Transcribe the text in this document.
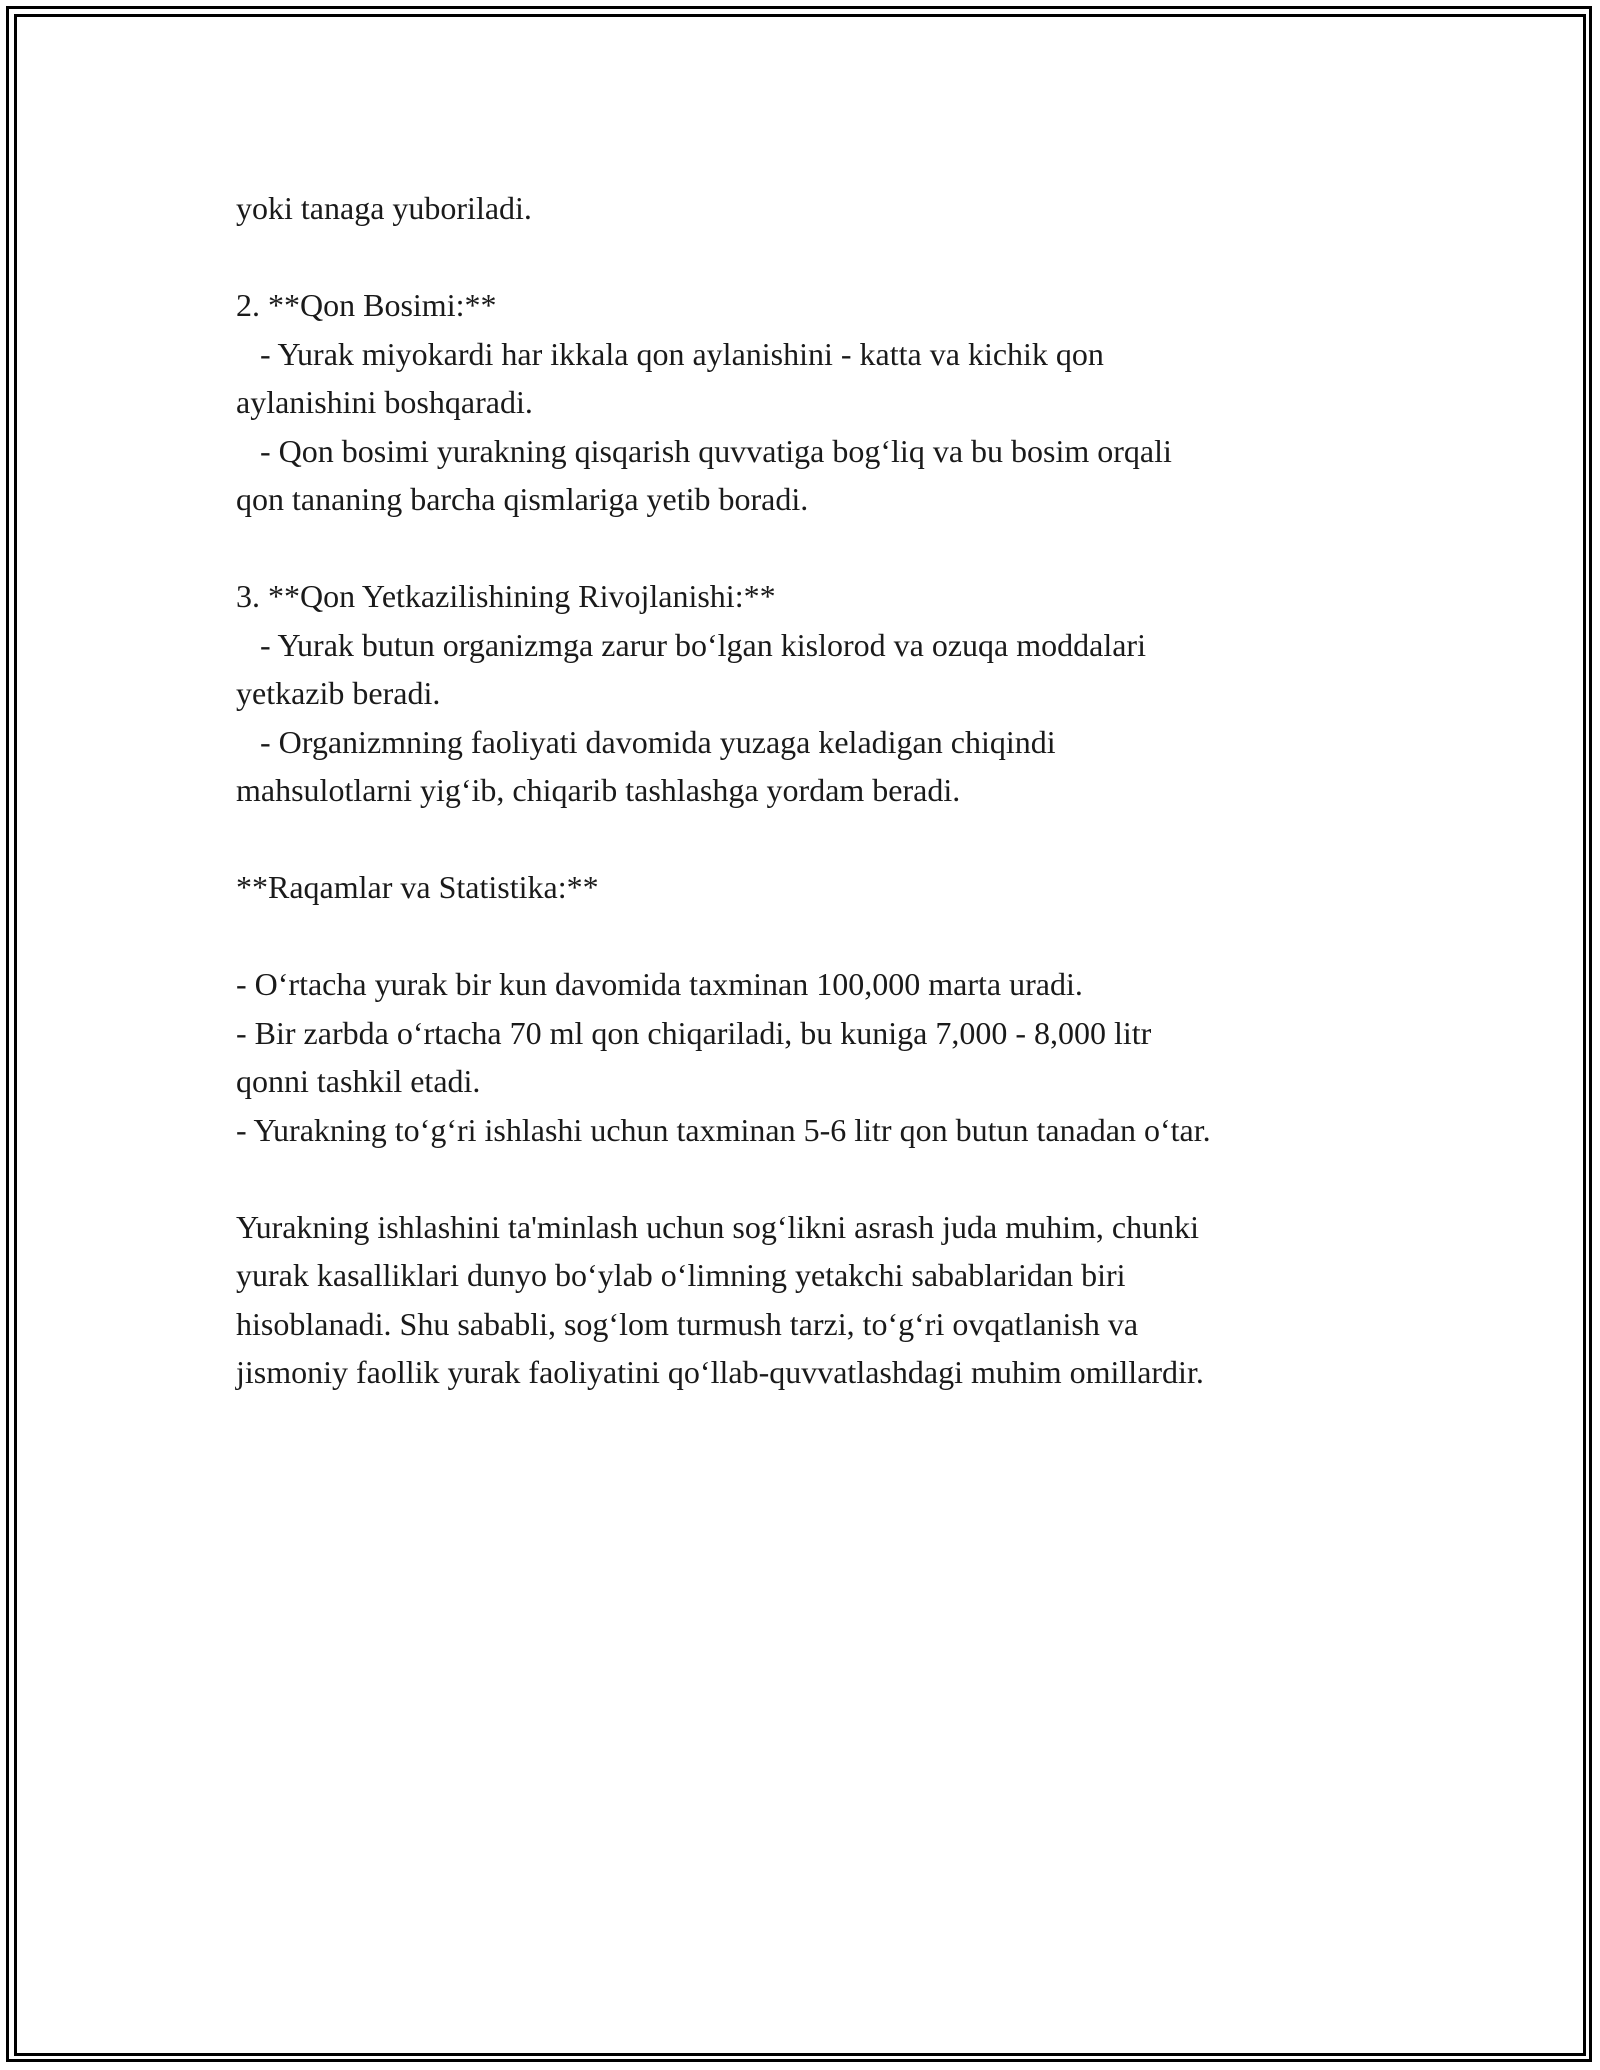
yoki tanaga yuboriladi.
2. **Qon Bosimi:**
- Yurak miyokardi har ikkala qon aylanishini - katta va kichik qon
aylanishini boshqaradi.
- Qon bosimi yurakning qisqarish quvvatiga bog‘liq va bu bosim orqali
qon tananing barcha qismlariga yetib boradi.
3. **Qon Yetkazilishining Rivojlanishi:**
- Yurak butun organizmga zarur bo‘lgan kislorod va ozuqa moddalari
yetkazib beradi.
- Organizmning faoliyati davomida yuzaga keladigan chiqindi
mahsulotlarni yig‘ib, chiqarib tashlashga yordam beradi.
**Raqamlar va Statistika:**
- O‘rtacha yurak bir kun davomida taxminan 100,000 marta uradi.
- Bir zarbda o‘rtacha 70 ml qon chiqariladi, bu kuniga 7,000 - 8,000 litr
qonni tashkil etadi.
- Yurakning to‘g‘ri ishlashi uchun taxminan 5-6 litr qon butun tanadan o‘tar.
Yurakning ishlashini ta'minlash uchun sog‘likni asrash juda muhim, chunki
yurak kasalliklari dunyo bo‘ylab o‘limning yetakchi sabablaridan biri
hisoblanadi. Shu sababli, sog‘lom turmush tarzi, to‘g‘ri ovqatlanish va
jismoniy faollik yurak faoliyatini qo‘llab-quvvatlashdagi muhim omillardir.
